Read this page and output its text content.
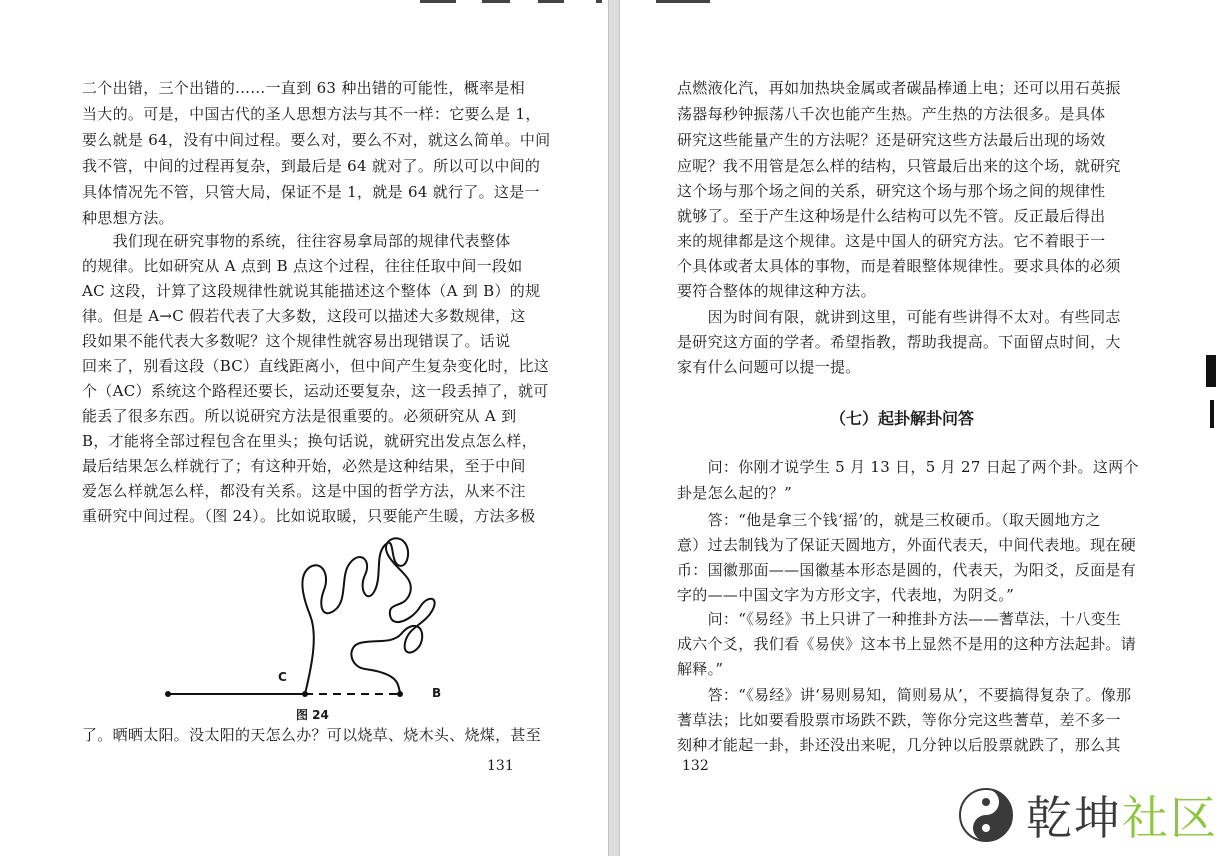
二个出错，三个出错的……一直到 63 种出错的可能性，概率是相
当大的。可是，中国古代的圣人思想方法与其不一样：它要么是 1，
要么就是 64，没有中间过程。要么对，要么不对，就这么简单。中间
我不管，中间的过程再复杂，到最后是 64 就对了。所以可以中间的
具体情况先不管，只管大局，保证不是 1，就是 64 就行了。这是一
种思想方法。
　　我们现在研究事物的系统，往往容易拿局部的规律代表整体
的规律。比如研究从 A 点到 B 点这个过程，往往任取中间一段如
AC 这段，计算了这段规律性就说其能描述这个整体（A 到 B）的规
律。但是 A→C 假若代表了大多数，这段可以描述大多数规律，这
段如果不能代表大多数呢？这个规律性就容易出现错误了。话说
回来了，别看这段（BC）直线距离小，但中间产生复杂变化时，比这
个（AC）系统这个路程还要长，运动还要复杂，这一段丢掉了，就可
能丢了很多东西。所以说研究方法是很重要的。必须研究从 A 到
B，才能将全部过程包含在里头；换句话说，就研究出发点怎么样，
最后结果怎么样就行了；有这种开始，必然是这种结果，至于中间
爱怎么样就怎么样，都没有关系。这是中国的哲学方法，从来不注
重研究中间过程。（图 24）。比如说取暖，只要能产生暖，方法多极
C
B
图 24
了。晒晒太阳。没太阳的天怎么办？可以烧草、烧木头、烧煤，甚至
131
点燃液化汽，再如加热块金属或者碳晶棒通上电；还可以用石英振
荡器每秒钟振荡八千次也能产生热。产生热的方法很多。是具体
研究这些能量产生的方法呢？还是研究这些方法最后出现的场效
应呢？我不用管是怎么样的结构，只管最后出来的这个场，就研究
这个场与那个场之间的关系，研究这个场与那个场之间的规律性
就够了。至于产生这种场是什么结构可以先不管。反正最后得出
来的规律都是这个规律。这是中国人的研究方法。它不着眼于一
个具体或者太具体的事物，而是着眼整体规律性。要求具体的必须
要符合整体的规律这种方法。
　　因为时间有限，就讲到这里，可能有些讲得不太对。有些同志
是研究这方面的学者。希望指教，帮助我提高。下面留点时间，大
家有什么问题可以提一提。
（七）起卦解卦问答
　　问：你刚才说学生 5 月 13 日，5 月 27 日起了两个卦。这两个
卦是怎么起的？”
　　答：“他是拿三个钱‘摇’的，就是三枚硬币。（取天圆地方之
意）过去制钱为了保证天圆地方，外面代表天，中间代表地。现在硬
币：国徽那面——国徽基本形态是圆的，代表天，为阳爻，反面是有
字的——中国文字为方形文字，代表地，为阴爻。”
　　问：“《易经》书上只讲了一种推卦方法——蓍草法，十八变生
成六个爻，我们看《易侠》这本书上显然不是用的这种方法起卦。请
解释。”
　　答：“《易经》讲‘易则易知，简则易从’，不要搞得复杂了。像那
蓍草法；比如要看股票市场跌不跌，等你分完这些蓍草，差不多一
刻种才能起一卦，卦还没出来呢，几分钟以后股票就跌了，那么其
132
乾坤社区
